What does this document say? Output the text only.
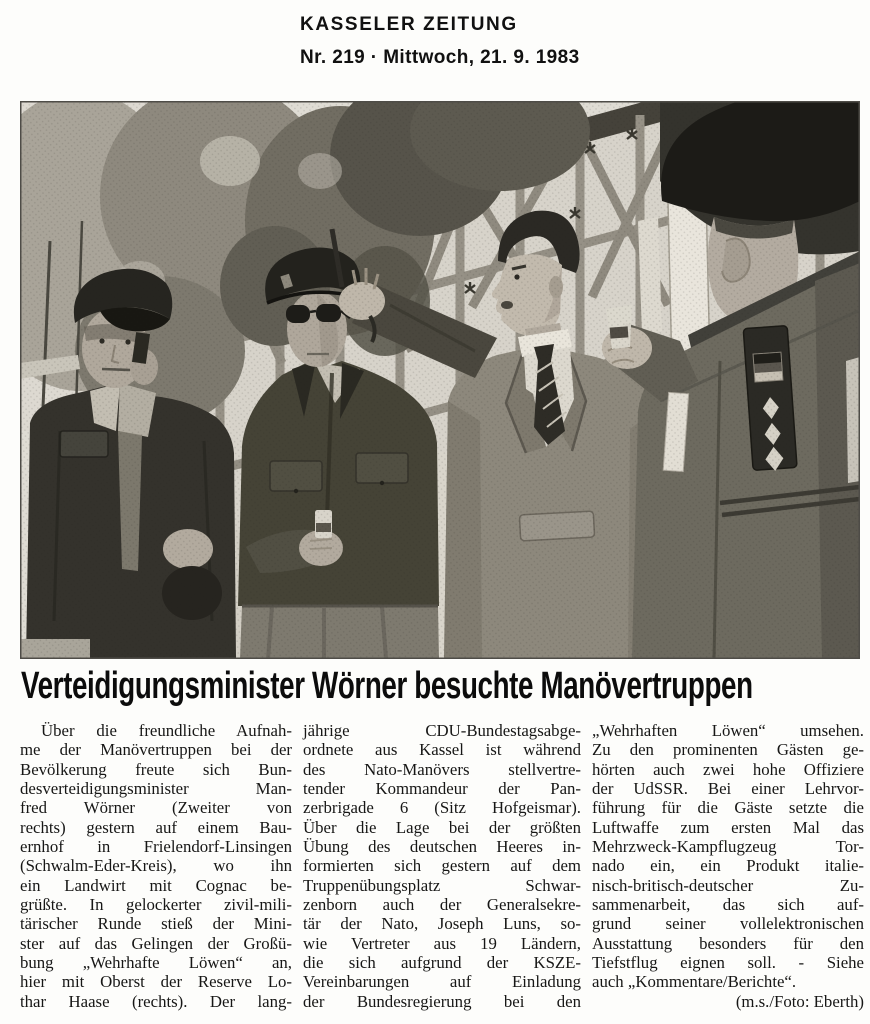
KASSELER ZEITUNG
Nr. 219 · Mittwoch, 21. 9. 1983
Verteidigungsminister Wörner besuchte Manövertruppen
Über die freundliche Aufnah-
me der Manövertruppen bei der
Bevölkerung freute sich Bun-
desverteidigungsminister Man-
fred Wörner (Zweiter von
rechts) gestern auf einem Bau-
ernhof in Frielendorf-Linsingen
(Schwalm-Eder-Kreis), wo ihn
ein Landwirt mit Cognac be-
grüßte. In gelockerter zivil-mili-
tärischer Runde stieß der Mini-
ster auf das Gelingen der Großü-
bung „Wehrhafte Löwen“ an,
hier mit Oberst der Reserve Lo-
thar Haase (rechts). Der lang-
jährige CDU-Bundestagsabge-
ordnete aus Kassel ist während
des Nato-Manövers stellvertre-
tender Kommandeur der Pan-
zerbrigade 6 (Sitz Hofgeismar).
Über die Lage bei der größten
Übung des deutschen Heeres in-
formierten sich gestern auf dem
Truppenübungsplatz Schwar-
zenborn auch der Generalsekre-
tär der Nato, Joseph Luns, so-
wie Vertreter aus 19 Ländern,
die sich aufgrund der KSZE-
Vereinbarungen auf Einladung
der Bundesregierung bei den
„Wehrhaften Löwen“ umsehen.
Zu den prominenten Gästen ge-
hörten auch zwei hohe Offiziere
der UdSSR. Bei einer Lehrvor-
führung für die Gäste setzte die
Luftwaffe zum ersten Mal das
Mehrzweck-Kampflugzeug Tor-
nado ein, ein Produkt italie-
nisch-britisch-deutscher Zu-
sammenarbeit, das sich auf-
grund seiner vollelektronischen
Ausstattung besonders für den
Tiefstflug eignen soll. - Siehe
auch „Kommentare/Berichte“.
(m.s./Foto: Eberth)
